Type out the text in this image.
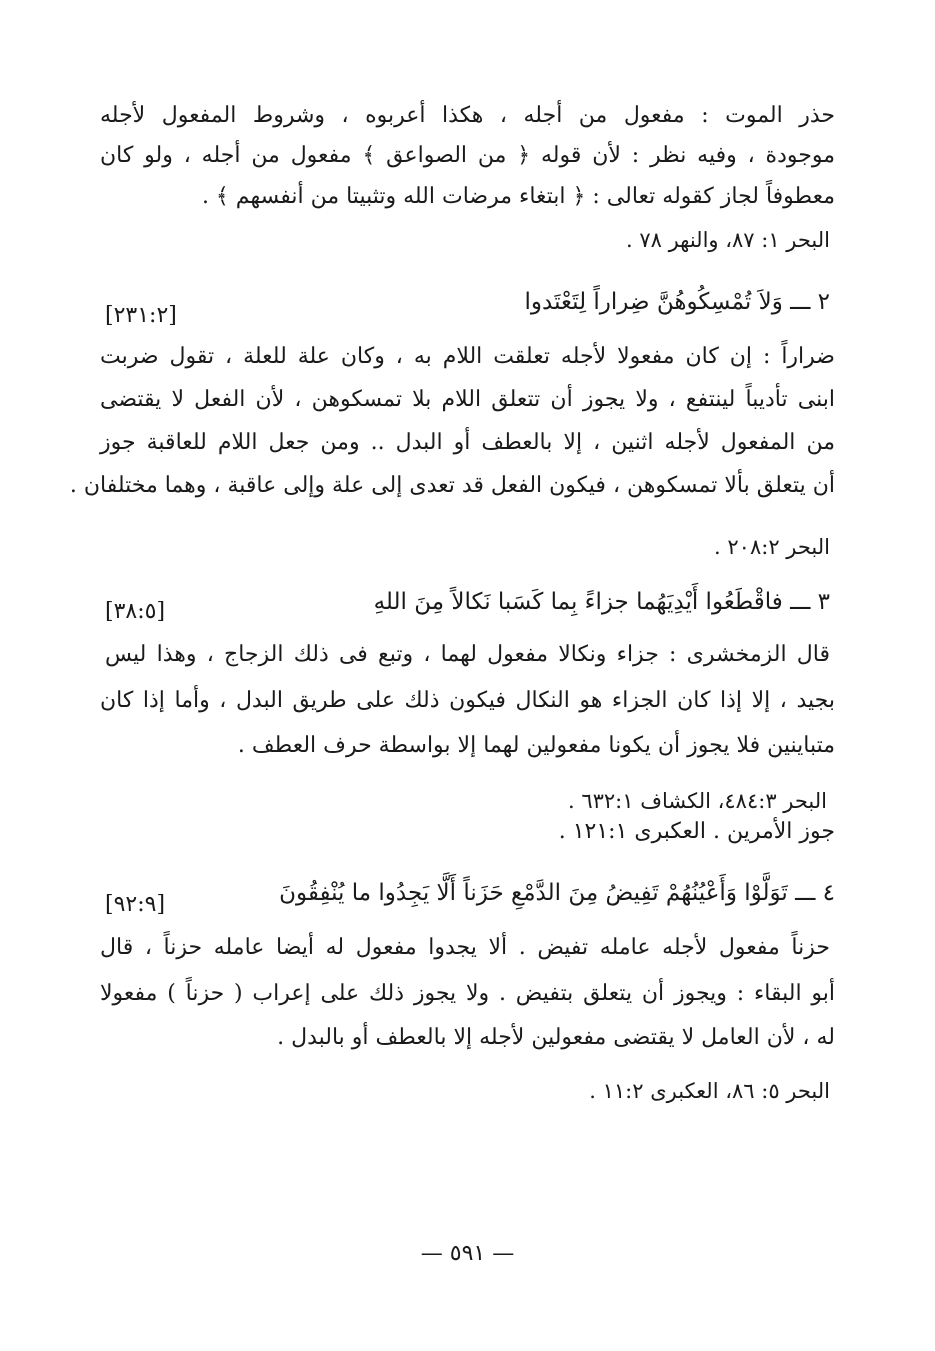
حذر الموت : مفعول من أجله ، هكذا أعربوه ، وشروط المفعول لأجله
موجودة ، وفيه نظر : لأن قوله ﴿ من الصواعق ﴾ مفعول من أجله ، ولو كان
معطوفاً لجاز كقوله تعالى : ﴿ ابتغاء مرضات الله وتثبيتا من أنفسهم ﴾ .
البحر ١: ٨٧، والنهر ٧٨ .
٢ ـــ وَلاَ تُمْسِكُوهُنَّ ضِراراً لِتَعْتَدوا
[٢٣١:٢]
ضراراً : إن كان مفعولا لأجله تعلقت اللام به ، وكان علة للعلة ، تقول ضربت
ابنى تأديباً لينتفع ، ولا يجوز أن تتعلق اللام بلا تمسكوهن ، لأن الفعل لا يقتضى
من المفعول لأجله اثنين ، إلا بالعطف أو البدل .. ومن جعل اللام للعاقبة جوز
أن يتعلق بألا تمسكوهن ، فيكون الفعل قد تعدى إلى علة وإلى عاقبة ، وهما مختلفان .
البحر ٢٠٨:٢ .
٣ ـــ فاقْطَعُوا أَيْدِيَهُما جزاءً بِما كَسَبا نَكالاً مِنَ اللهِ
[٣٨:٥]
قال الزمخشرى : جزاء ونكالا مفعول لهما ، وتبع فى ذلك الزجاج ، وهذا ليس
بجيد ، إلا إذا كان الجزاء هو النكال فيكون ذلك على طريق البدل ، وأما إذا كان
متباينين فلا يجوز أن يكونا مفعولين لهما إلا بواسطة حرف العطف .
البحر ٤٨٤:٣، الكشاف ٦٣٢:١ .
جوز الأمرين . العكبرى ١٢١:١ .
٤ ـــ تَوَلَّوْا وَأَعْيُنُهُمْ تَفِيضُ مِنَ الدَّمْعِ حَزَناً أَلَّا يَجِدُوا ما يُنْفِقُونَ
[٩٢:٩]
حزناً مفعول لأجله عامله تفيض . ألا يجدوا مفعول له أيضا عامله حزناً ، قال
أبو البقاء : ويجوز أن يتعلق بتفيض . ولا يجوز ذلك على إعراب ( حزناً ) مفعولا
له ، لأن العامل لا يقتضى مفعولين لأجله إلا بالعطف أو بالبدل .
البحر ٥: ٨٦، العكبرى ١١:٢ .
— ٥٩١ —
